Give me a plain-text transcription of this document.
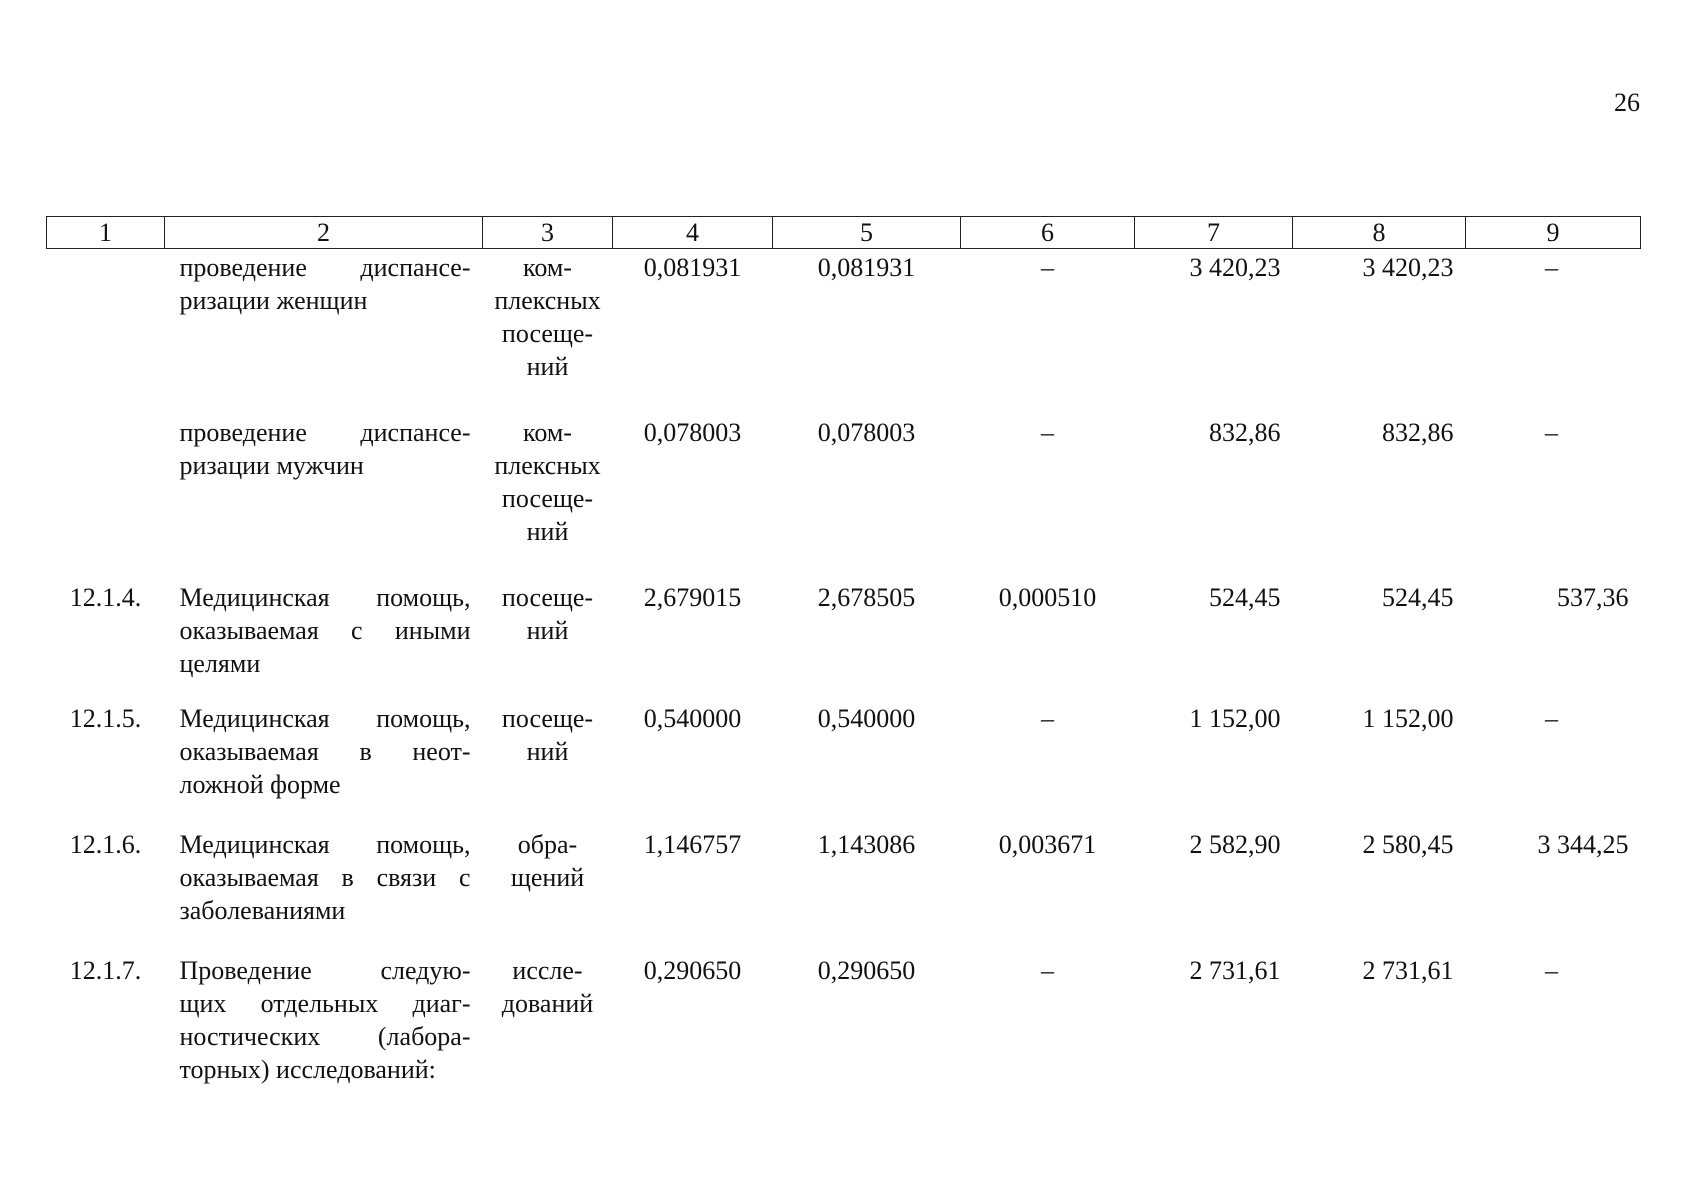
26
1	2	3	4	5	6	7	8	9

	проведение диспансе-
ризации женщин	ком-
плексных
посеще-
ний	0,081931	0,081931	–	3 420,23	3 420,23	–

	проведение диспансе-
ризации мужчин	ком-
плексных
посеще-
ний	0,078003	0,078003	–	832,86	832,86	–
12.1.4.	Медицинская помощь,
оказываемая с иными
целями	посеще-
ний	2,679015	2,678505	0,000510	524,45	524,45	537,36
12.1.5.	Медицинская помощь,
оказываемая в неот-
ложной форме	посеще-
ний	0,540000	0,540000	–	1 152,00	1 152,00	–
12.1.6.	Медицинская помощь,
оказываемая в связи с
заболеваниями	обра-
щений	1,146757	1,143086	0,003671	2 582,90	2 580,45	3 344,25
12.1.7.	Проведение следую-
щих отдельных диаг-
ностических (лабора-
торных) исследований:	иссле-
дований	0,290650	0,290650	–	2 731,61	2 731,61	–
